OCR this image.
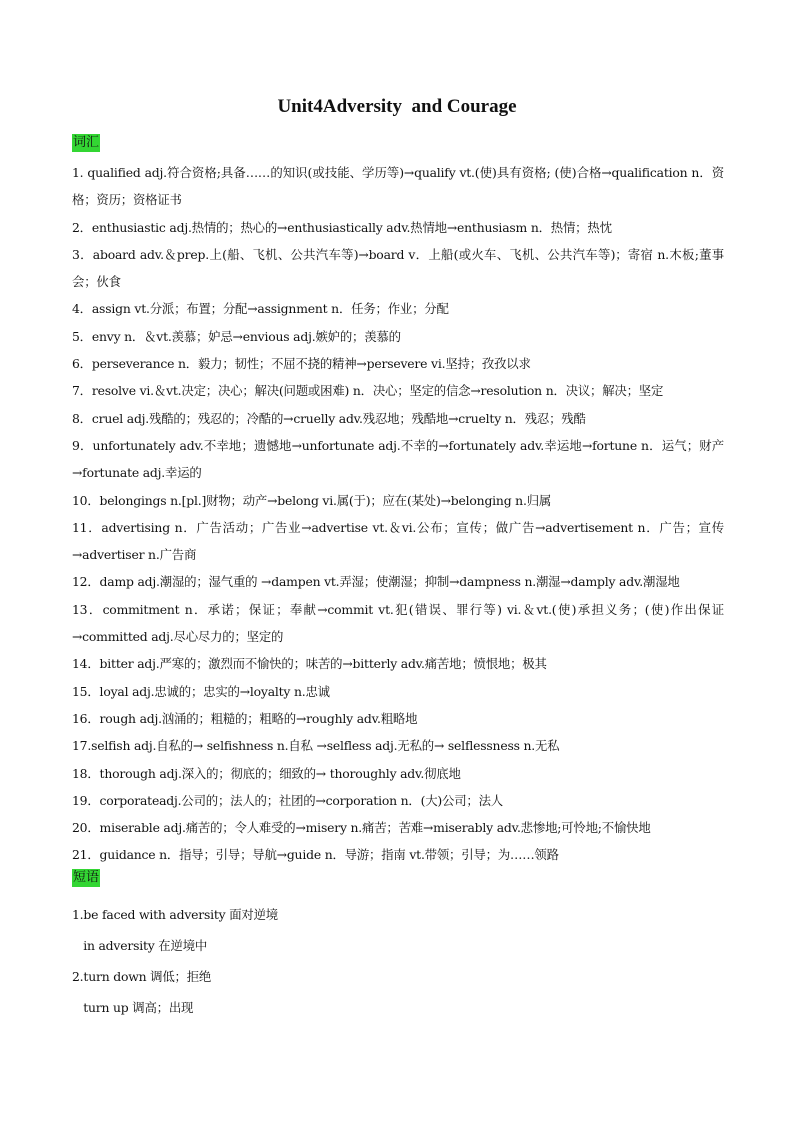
Unit4Adversity  and Courage
词汇
1. qualified adj.符合资格;具备……的知识(或技能、学历等)→qualify vt.(使)具有资格; (使)合格→qualification n．资格；资历；资格证书
2．enthusiastic adj.热情的；热心的→enthusiastically adv.热情地→enthusiasm n．热情；热忱
3．aboard adv.＆prep.上(船、飞机、公共汽车等)→board v．上船(或火车、飞机、公共汽车等)；寄宿 n.木板;董事会；伙食
4．assign vt.分派；布置；分配→assignment n．任务；作业；分配
5．envy n．＆vt.羡慕；妒忌→envious adj.嫉妒的；羡慕的
6．perseverance n．毅力；韧性；不屈不挠的精神→persevere vi.坚持；孜孜以求
7．resolve vi.＆vt.决定；决心；解决(问题或困难) n．决心；坚定的信念→resolution n．决议；解决；坚定
8．cruel adj.残酷的；残忍的；冷酷的→cruelly adv.残忍地；残酷地→cruelty n．残忍；残酷
9．unfortunately adv.不幸地；遗憾地→unfortunate adj.不幸的→fortunately adv.幸运地→fortune n．运气；财产→fortunate adj.幸运的
10．belongings n.[pl.]财物；动产→belong vi.属(于)；应在(某处)→belonging n.归属
11．advertising n．广告活动；广告业→advertise vt.＆vi.公布；宣传；做广告→advertisement n．广告；宣传→advertiser n.广告商
12．damp adj.潮湿的；湿气重的 →dampen vt.弄湿；使潮湿；抑制→dampness n.潮湿→damply adv.潮湿地
13．commitment n．承诺；保证；奉献→commit vt.犯(错误、罪行等) vi.＆vt.(使)承担义务；(使)作出保证→committed adj.尽心尽力的；坚定的
14．bitter adj.严寒的；激烈而不愉快的；味苦的→bitterly adv.痛苦地；愤恨地；极其
15．loyal adj.忠诚的；忠实的→loyalty n.忠诚
16．rough adj.汹涌的；粗糙的；粗略的→roughly adv.粗略地
17.selfish adj.自私的→ selfishness n.自私 →selfless adj.无私的→ selflessness n.无私
18．thorough adj.深入的；彻底的；细致的→ thoroughly adv.彻底地
19．corporateadj.公司的；法人的；社团的→corporation n．(大)公司；法人
20．miserable adj.痛苦的；令人难受的→misery n.痛苦；苦难→miserably adv.悲惨地;可怜地;不愉快地
21．guidance n．指导；引导；导航→guide n．导游；指南 vt.带领；引导；为……领路
短语
1.be faced with adversity 面对逆境
in adversity 在逆境中
2.turn down 调低；拒绝
turn up 调高；出现
